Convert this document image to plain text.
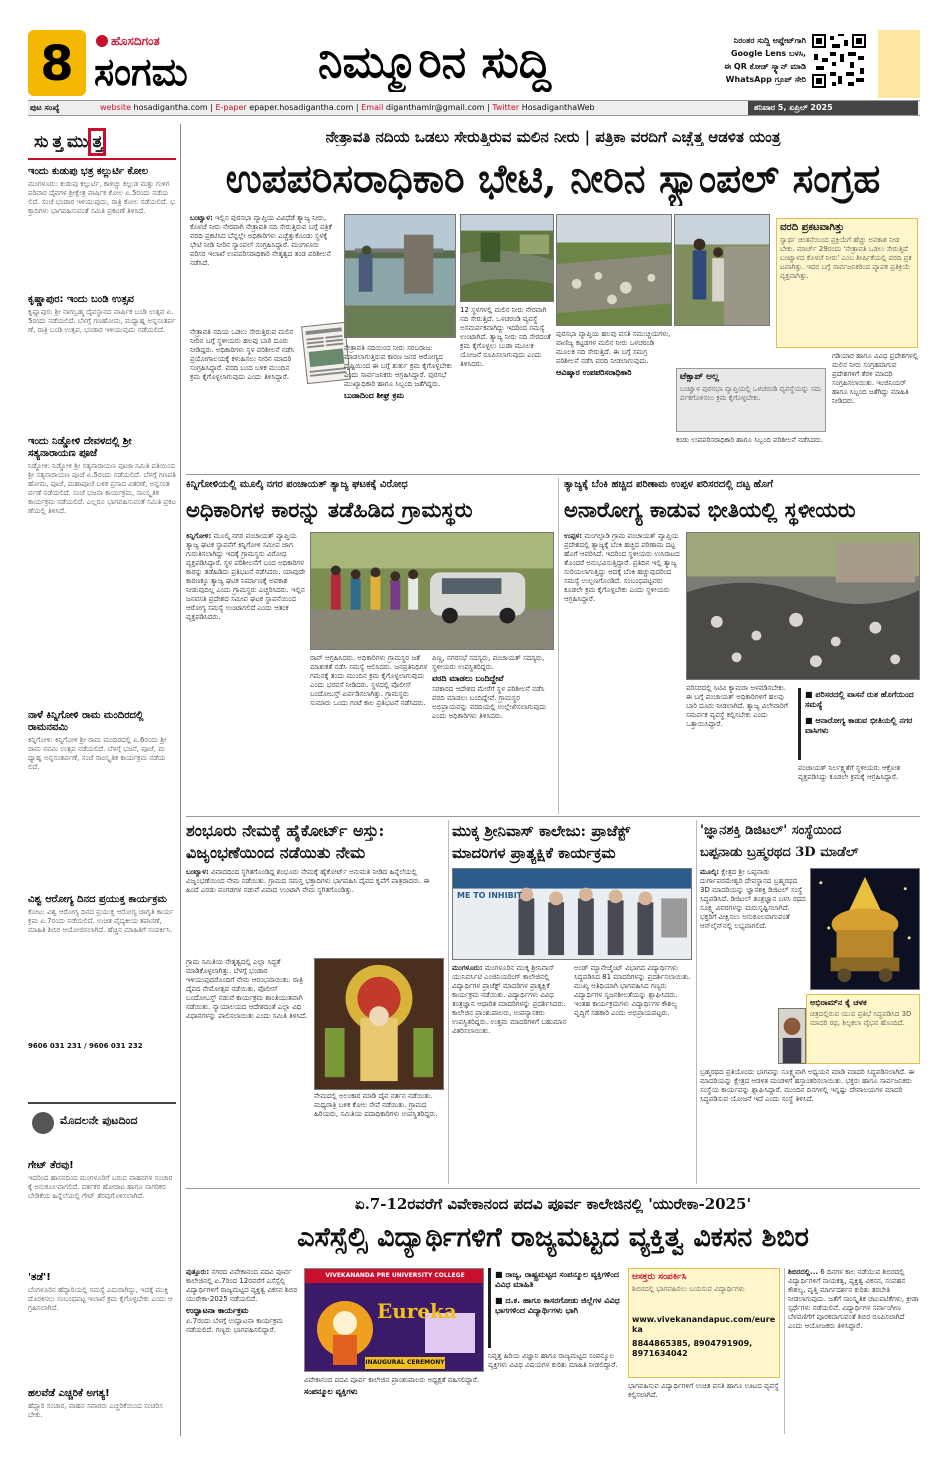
8	ಹೊಸದಿಗಂತ
ಸಂಗಮ	ನಿಮ್ಮೂರಿನ ಸುದ್ದಿ	ನಿರಂತರ ಸುದ್ದಿ ಅಪ್ಡೇಟ್‌ಗಾಗಿ
Google Lens ಬಳಸಿ,
ಈ QR ಕೋಡ್ ಸ್ಕ್ಯಾನ್ ಮಾಡಿ
WhatsApp ಗ್ರೂಪ್ ಸೇರಿ
ಪುಟ ಸಂಖ್ಯೆ	website hosadigantha.com | E-paper epaper.hosadigantha.com | Email diganthamlr@gmail.com | Twitter HosadiganthaWeb	ಶನಿವಾರ 5, ಏಪ್ರಿಲ್ 2025
ಸುತ್ತಮುತ್ತ
ಇಂದು ಕುಡುಪು ಭತ್ರ ಕಲ್ಲುರ್ಟಿ ಕೋಲ
ಮಂಗಳೂರು: ಕುಡುಪು ಕಲ್ಲುರ್ಟಿ, ಕಾಳಿಚ್ಚು ಕಲ್ಲುಡ ಮತ್ತು ಗುಳಿಗ ಪರಿವಾರ ದೈವಗಳ ಶ್ರೀಕ್ಷೇತ್ರ ವಾರ್ಷಿಕ ಕೋಲ ಏ.5ರಂದು ನಡೆಯಲಿದೆ. ಸಂಜೆ ಭಂಡಾರ ಇಳಿಯುವುದು, ರಾತ್ರಿ ಕೋಲ ನಡೆಯಲಿದೆ. ಭಕ್ತಾದಿಗಳು ಭಾಗವಹಿಸುವಂತೆ ಸಮಿತಿ ಪ್ರಕಟಣೆ ತಿಳಿಸಿದೆ.
ಕೃಷ್ಣಾಪುರ: ಇಂದು ಬಂಡಿ ಉತ್ಸವ
ಕೃಷ್ಣಾಪುರ: ಶ್ರೀ ನಾಗಬ್ರಹ್ಮ ದೈವಸ್ಥಾನದ ವಾರ್ಷಿಕ ಬಂಡಿ ಉತ್ಸವ ಏ.5ರಂದು ನಡೆಯಲಿದೆ. ಬೆಳಗ್ಗೆ ಗಣಹೋಮ, ಮಧ್ಯಾಹ್ನ ಅನ್ನಸಂತರ್ಪಣೆ, ರಾತ್ರಿ ಬಂಡಿ ಉತ್ಸವ, ಭಂಡಾರ ಇಳಿಯುವುದು ನಡೆಯಲಿದೆ.
ಇಂದು ನಿಡ್ಡೋಳಿ ದೇವಳದಲ್ಲಿ ಶ್ರೀ ಸತ್ಯನಾರಾಯಣ ಪೂಜೆ
ನಿಡ್ಡೋಳಿ: ನಿಡ್ಡೋಳಿ ಶ್ರೀ ಸತ್ಯನಾರಾಯಣ ಪೂಜಾ ಸಮಿತಿ ವತಿಯಿಂದ ಶ್ರೀ ಸತ್ಯನಾರಾಯಣ ಪೂಜೆ ಏ.5ರಂದು ನಡೆಯಲಿದೆ. ಬೆಳಗ್ಗೆ ಗಣಪತಿ ಹೋಮ, ಪೂಜೆ, ಮಹಾಪೂಜೆ ಬಳಿಕ ಪ್ರಸಾದ ವಿತರಣೆ, ಅನ್ನಸಂತರ್ಪಣೆ ನಡೆಯಲಿದೆ. ಸಂಜೆ ಭಜನಾ ಕಾರ್ಯಕ್ರಮ, ಸಾಂಸ್ಕೃತಿಕ ಕಾರ್ಯಕ್ರಮ ನಡೆಯಲಿದೆ. ಎಲ್ಲರೂ ಭಾಗವಹಿಸುವಂತೆ ಸಮಿತಿ ಪ್ರಕಟಣೆಯಲ್ಲಿ ತಿಳಿಸಿದೆ.
ನಾಳೆ ಕಿನ್ನಿಗೋಳಿ ರಾಮ ಮಂದಿರದಲ್ಲಿ ರಾಮನವಮಿ
ಕಿನ್ನಿಗೋಳಿ: ಕಿನ್ನಿಗೋಳಿ ಶ್ರೀ ರಾಮ ಮಂದಿರದಲ್ಲಿ ಏ.6ರಂದು ಶ್ರೀ ರಾಮ ನವಮಿ ಉತ್ಸವ ನಡೆಯಲಿದೆ. ಬೆಳಗ್ಗೆ ಭಜನೆ, ಪೂಜೆ, ಮಧ್ಯಾಹ್ನ ಅನ್ನಸಂತರ್ಪಣೆ, ಸಂಜೆ ಸಾಂಸ್ಕೃತಿಕ ಕಾರ್ಯಕ್ರಮ ನಡೆಯಲಿದೆ.
ವಿಶ್ವ ಆರೋಗ್ಯ ದಿನದ ಪ್ರಯುಕ್ತ ಕಾರ್ಯಕ್ರಮ
ಕೋಟ: ವಿಶ್ವ ಆರೋಗ್ಯ ದಿನದ ಪ್ರಯುಕ್ತ ಆರೋಗ್ಯ ಜಾಗೃತಿ ಕಾರ್ಯಕ್ರಮ ಏ.7ರಂದು ನಡೆಯಲಿದೆ. ಉಚಿತ ವೈದ್ಯಕೀಯ ತಪಾಸಣೆ, ಮಾಹಿತಿ ಶಿಬಿರ ಆಯೋಜಿಸಲಾಗಿದೆ. ಹೆಚ್ಚಿನ ಮಾಹಿತಿಗೆ ಸಂಪರ್ಕಿಸಿ.
9606 031 231 / 9606 031 232
ಮೊದಲನೇ ಪುಟದಿಂದ
ಗೇಟ್ ತೆರವು!
ಇದರಿಂದ ಹಾಸನದಿಂದ ಮಂಗಳೂರಿಗೆ ಬರುವ ವಾಹನಗಳ ಸಂಚಾರಕ್ಕೆ ಅನುಕೂಲವಾಗಲಿದೆ. ವರ್ತಕರ ಹೋರಾಟ ಹಾಗೂ ನಾಗರಿಕರ ಬೇಡಿಕೆಯ ಹಿನ್ನೆಲೆಯಲ್ಲಿ ಗೇಟ್ ತೆರವುಗೊಳಿಸಲಾಗಿದೆ.
'ತಡೆ'!
ಬೆಂಗಳೂರಿನ ಹೆದ್ದಾರಿಯಲ್ಲಿ ಸಮಸ್ಯೆ ಎದುರಾಗಿದ್ದು, ಇದಕ್ಕೆ ಮುಕ್ತಿ ದೊರಕಿಸಲು ಸಂಬಂಧಪಟ್ಟ ಇಲಾಖೆ ಕ್ರಮ ಕೈಗೊಳ್ಳಬೇಕು ಎಂದು ಆಗ್ರಹಿಸಲಾಗಿದೆ.
ಹಲವೆಡೆ ಎಚ್ಚರಿಕೆ ಅಗತ್ಯ!
ಹೆದ್ದಾರಿ ಸಂಚಾರ, ವಾಹನ ಸವಾರರು ಎಚ್ಚರಿಕೆಯಿಂದ ಸಂಚರಿಸಬೇಕು.
ನೇತ್ರಾವತಿ ನದಿಯ ಒಡಲು ಸೇರುತ್ತಿರುವ ಮಲಿನ ನೀರು | ಪತ್ರಿಕಾ ವರದಿಗೆ ಎಚ್ಚೆತ್ತ ಆಡಳಿತ ಯಂತ್ರ
ಉಪಪರಿಸರಾಧಿಕಾರಿ ಭೇಟಿ, ನೀರಿನ ಸ್ಯಾಂಪಲ್ ಸಂಗ್ರಹ
ಬಂಟ್ವಾಳ: ಇಲ್ಲಿನ ಪುರಸಭಾ ವ್ಯಾಪ್ತಿಯ ವಿವಿಧೆಡೆ ತ್ಯಾಜ್ಯ ನೀರು, ಕೊಳಚೆ ನೀರು ನೇರವಾಗಿ ನೇತ್ರಾವತಿ ನದಿ ಸೇರುತ್ತಿರುವ ಬಗ್ಗೆ ಪತ್ರಿಕೆ ವರದಿ ಪ್ರಕಟಿಸಿದ ಬೆನ್ನಲ್ಲೇ ಅಧಿಕಾರಿಗಳು ಎಚ್ಚೆತ್ತುಕೊಂಡು ಸ್ಥಳಕ್ಕೆ ಭೇಟಿ ನೀಡಿ ನೀರಿನ ಸ್ಯಾಂಪಲ್ ಸಂಗ್ರಹಿಸಿದ್ದಾರೆ. ಮಂಗಳೂರು ಪರಿಸರ ಇಲಾಖೆ ಉಪಪರಿಸರಾಧಿಕಾರಿ ನೇತೃತ್ವದ ತಂಡ ಪರಿಶೀಲನೆ ನಡೆಸಿದೆ.
ನೇತ್ರಾವತಿ ನದಿಯ ಒಡಲು ಸೇರುತ್ತಿರುವ ಮಲಿನ ನೀರಿನ ಬಗ್ಗೆ ಸ್ಥಳೀಯರು ಹಲವು ಬಾರಿ ದೂರು ನೀಡಿದ್ದರು. ಅಧಿಕಾರಿಗಳು ಸ್ಥಳ ಪರಿಶೀಲನೆ ನಡೆಸಿ ಪ್ರಯೋಗಾಲಯಕ್ಕೆ ಕಳುಹಿಸಲು ನೀರಿನ ಮಾದರಿ ಸಂಗ್ರಹಿಸಿದ್ದಾರೆ. ವರದಿ ಬಂದ ಬಳಿಕ ಮುಂದಿನ ಕ್ರಮ ಕೈಗೊಳ್ಳಲಾಗುವುದು ಎಂದು ತಿಳಿಸಿದ್ದಾರೆ.
ವರದಿ ಪ್ರಕಟವಾಗಿತ್ತು
ಸ್ವಾರ್ಥ ಚಿಂತನೆಯಿಂದ ಪ್ರಕ್ರಿಯೆಗೆ ಹೆಚ್ಚು ಅವಕಾಶ ನೀಡಬೇಕು. ಮಾರ್ಚ್ 29ರಂದು 'ನೇತ್ರಾವತಿ ಒಡಲು ಸೇರುತ್ತಿದೆ ಬಂಟ್ವಾಳದ ಕೊಳಚೆ ನೀರು' ಎಂಬ ಶೀರ್ಷಿಕೆಯಲ್ಲಿ ವರದಿ ಪ್ರಕಟವಾಗಿತ್ತು. ಇದರ ಬಗ್ಗೆ ಸಾರ್ವಜನಿಕರಿಂದ ವ್ಯಾಪಕ ಪ್ರತಿಕ್ರಿಯೆ ವ್ಯಕ್ತವಾಗಿತ್ತು.
ನೇತ್ರಾವತಿ ನದಿಯಿಂದ ನೀರು ಸರಬರಾಜು ಮಾಡಲಾಗುತ್ತಿರುವ ಕಾರಣ ಜನರ ಆರೋಗ್ಯದ ದೃಷ್ಟಿಯಿಂದ ಈ ಬಗ್ಗೆ ತುರ್ತು ಕ್ರಮ ಕೈಗೊಳ್ಳಬೇಕು ಎಂದು ಸಾರ್ವಜನಿಕರು ಆಗ್ರಹಿಸಿದ್ದಾರೆ. ಪುರಸಭೆ ಮುಖ್ಯಾಧಿಕಾರಿ ಹಾಗೂ ಸಿಬ್ಬಂದಿ ಜತೆಗಿದ್ದರು.
ಬುಡಾದಿಂದ ಶೀಘ್ರ ಕ್ರಮ
12 ಸ್ಥಳಗಳಲ್ಲಿ ಮಲಿನ ನೀರು ನೇರವಾಗಿ ನದಿ ಸೇರುತ್ತಿದೆ. ಒಳಚರಂಡಿ ವ್ಯವಸ್ಥೆ ಅಸಮರ್ಪಕವಾಗಿದ್ದು ಇದರಿಂದ ಸಮಸ್ಯೆ ಉಂಟಾಗಿದೆ. ತ್ಯಾಜ್ಯ ನೀರು ನದಿ ಸೇರದಂತೆ ಕ್ರಮ ಕೈಗೊಳ್ಳಲು ಬುಡಾ ಮೂಲಕ ಯೋಜನೆ ರೂಪಿಸಲಾಗುವುದು ಎಂದು ತಿಳಿಸಿದರು.
ಪುರಸಭಾ ವ್ಯಾಪ್ತಿಯ ಹಲವು ವಸತಿ ಸಮುಚ್ಚಯಗಳು, ವಾಣಿಜ್ಯ ಕಟ್ಟಡಗಳ ಮಲಿನ ನೀರು ಒಳಚರಂಡಿ ಮೂಲಕ ನದಿ ಸೇರುತ್ತಿದೆ. ಈ ಬಗ್ಗೆ ಸಮಗ್ರ ಪರಿಶೀಲನೆ ನಡೆಸಿ ವರದಿ ನೀಡಲಾಗುವುದು.
ಆವಿಷ್ಕಾರ ಉಪಪರಿಸರಾಧಿಕಾರಿ	ಟೆಕ್ಸಾಪ್ ಅಲ್ಲ
ಬಂಟ್ವಾಳ ಪುರಸಭಾ ವ್ಯಾಪ್ತಿಯಲ್ಲಿ ಒಳಚರಂಡಿ ವ್ಯವಸ್ಥೆಯನ್ನು ಸಮರ್ಪಕಗೊಳಿಸಲು ಕ್ರಮ ಕೈಗೊಳ್ಳಬೇಕು.
ಕಂಡು ಉಪಪರಿಸರಾಧಿಕಾರಿ ಹಾಗೂ ಸಿಬ್ಬಂದಿ ಪರಿಶೀಲನೆ ನಡೆಸಿದರು.
ಗಡಿಯಾರ ಹಾಗೂ ವಿವಿಧ ಪ್ರದೇಶಗಳಲ್ಲಿ ಮಲಿನ ನೀರು ಸಂಗ್ರಹವಾಗುವ ಪ್ರದೇಶಗಳಿಗೆ ತೆರಳಿ ಮಾದರಿ ಸಂಗ್ರಹಿಸಲಾಯಿತು. ಇಂಜಿನಿಯರ್ ಹಾಗೂ ಸಿಬ್ಬಂದಿ ಜತೆಗಿದ್ದು ಮಾಹಿತಿ ನೀಡಿದರು.
ಕಿನ್ನಿಗೋಳಿಯಲ್ಲಿ ಮೂಲ್ಕಿ ನಗರ ಪಂಚಾಯತ್ ತ್ಯಾಜ್ಯ ಘಟಕಕ್ಕೆ ವಿರೋಧ
ಅಧಿಕಾರಿಗಳ ಕಾರನ್ನು ತಡೆಹಿಡಿದ ಗ್ರಾಮಸ್ಥರು
ಕಿನ್ನಿಗೋಳಿ: ಮೂಲ್ಕಿ ನಗರ ಪಂಚಾಯತ್ ವ್ಯಾಪ್ತಿಯ ತ್ಯಾಜ್ಯ ಘಟಕ ಸ್ಥಾಪನೆಗೆ ಕಿನ್ನಿಗೋಳಿ ಸಮೀಪ ಜಾಗ ಗುರುತಿಸಲಾಗಿದ್ದು ಇದಕ್ಕೆ ಗ್ರಾಮಸ್ಥರು ವಿರೋಧ ವ್ಯಕ್ತಪಡಿಸಿದ್ದಾರೆ. ಸ್ಥಳ ಪರಿಶೀಲನೆಗೆ ಬಂದ ಅಧಿಕಾರಿಗಳ ಕಾರನ್ನು ತಡೆಹಿಡಿದು ಪ್ರತಿಭಟನೆ ನಡೆಸಿದರು. ಯಾವುದೇ ಕಾರಣಕ್ಕೂ ತ್ಯಾಜ್ಯ ಘಟಕ ನಿರ್ಮಾಣಕ್ಕೆ ಅವಕಾಶ ನೀಡುವುದಿಲ್ಲ ಎಂದು ಗ್ರಾಮಸ್ಥರು ಎಚ್ಚರಿಸಿದರು. ಇಲ್ಲಿನ ಜನವಸತಿ ಪ್ರದೇಶದ ಸಮೀಪ ಘಟಕ ಸ್ಥಾಪನೆಯಿಂದ ಆರೋಗ್ಯ ಸಮಸ್ಯೆ ಉಂಟಾಗಲಿದೆ ಎಂದು ಆತಂಕ ವ್ಯಕ್ತಪಡಿಸಿದರು.
ರಾವ್ ಆಗ್ರಹಿಸಿದರು. ಅಧಿಕಾರಿಗಳು ಗ್ರಾಮಸ್ಥರ ಜತೆ ಮಾತುಕತೆ ನಡೆಸಿ ಸಮಸ್ಯೆ ಆಲಿಸಿದರು. ಜನಪ್ರತಿನಿಧಿಗಳ ಗಮನಕ್ಕೆ ತಂದು ಮುಂದಿನ ಕ್ರಮ ಕೈಗೊಳ್ಳಲಾಗುವುದು ಎಂದು ಭರವಸೆ ನೀಡಿದರು. ಸ್ಥಳದಲ್ಲಿ ಪೊಲೀಸ್ ಬಂದೋಬಸ್ತ್ ಏರ್ಪಡಿಸಲಾಗಿತ್ತು. ಗ್ರಾಮಸ್ಥರು ಸುಮಾರು ಒಂದು ಗಂಟೆ ಕಾಲ ಪ್ರತಿಭಟನೆ ನಡೆಸಿದರು.
ಪಿಣ್ಣ, ನಗರಸಭೆ ಸದಸ್ಯರು, ಪಂಚಾಯತ್ ಸದಸ್ಯರು, ಸ್ಥಳೀಯರು ಉಪಸ್ಥಿತರಿದ್ದರು.
ವರದಿ ಮಾಡಲು ಬಂದಿದ್ದೇವೆ
ಸರಕಾರದ ಆದೇಶದ ಮೇರೆಗೆ ಸ್ಥಳ ಪರಿಶೀಲನೆ ನಡೆಸಿ ವರದಿ ಮಾಡಲು ಬಂದಿದ್ದೇವೆ. ಗ್ರಾಮಸ್ಥರ ಅಭಿಪ್ರಾಯವನ್ನು ವರದಿಯಲ್ಲಿ ಉಲ್ಲೇಖಿಸಲಾಗುವುದು ಎಂದು ಅಧಿಕಾರಿಗಳು ತಿಳಿಸಿದರು.
ತ್ಯಾಜ್ಯಕ್ಕೆ ಬೆಂಕಿ ಹಚ್ಚಿದ ಪರಿಣಾಮ ಉಪ್ಪಳ ಪರಿಸರದಲ್ಲಿ ದಟ್ಟ ಹೊಗೆ
ಅನಾರೋಗ್ಯ ಕಾಡುವ ಭೀತಿಯಲ್ಲಿ ಸ್ಥಳೀಯರು
ಉಪ್ಪಳ: ಮಂಗಲ್ಪಾಡಿ ಗ್ರಾಮ ಪಂಚಾಯತ್ ವ್ಯಾಪ್ತಿಯ ಪ್ರದೇಶದಲ್ಲಿ ತ್ಯಾಜ್ಯಕ್ಕೆ ಬೆಂಕಿ ಹಚ್ಚಿದ ಪರಿಣಾಮ ದಟ್ಟ ಹೊಗೆ ಆವರಿಸಿದೆ. ಇದರಿಂದ ಸ್ಥಳೀಯರು ಉಸಿರಾಟದ ತೊಂದರೆ ಅನುಭವಿಸುತ್ತಿದ್ದಾರೆ. ಪ್ರತಿದಿನ ಇಲ್ಲಿ ತ್ಯಾಜ್ಯ ಸುರಿಯಲಾಗುತ್ತಿದ್ದು ಅದಕ್ಕೆ ಬೆಂಕಿ ಹಚ್ಚುವುದರಿಂದ ಸಮಸ್ಯೆ ಉಲ್ಬಣಗೊಂಡಿದೆ. ಸಂಬಂಧಪಟ್ಟವರು ಕೂಡಲೇ ಕ್ರಮ ಕೈಗೊಳ್ಳಬೇಕು ಎಂದು ಸ್ಥಳೀಯರು ಆಗ್ರಹಿಸಿದ್ದಾರೆ.
ಪರಿಸರದಲ್ಲಿ ಸಿಟಿವಿ ಕ್ಯಾಮರಾ ಅಳವಡಿಸಬೇಕು. ಈ ಬಗ್ಗೆ ಪಂಚಾಯತ್ ಅಧಿಕಾರಿಗಳಿಗೆ ಹಲವು ಬಾರಿ ದೂರು ನೀಡಲಾಗಿದೆ. ತ್ಯಾಜ್ಯ ವಿಲೇವಾರಿಗೆ ಸಮರ್ಪಕ ವ್ಯವಸ್ಥೆ ಕಲ್ಪಿಸಬೇಕು ಎಂದು ಒತ್ತಾಯಿಸಿದ್ದಾರೆ.
■ ಪರಿಸರದಲ್ಲಿ ವಾಸನೆ ರುತ ಹೊಗೆಯಿಂದ ಸಮಸ್ಯೆ
■ ಆನಾರೋಗ್ಯ ಕಾಡುವ ಭೀತಿಯಲ್ಲಿ ನಗರ ವಾಸಿಗಳು
ಪಂಚಾಯತ್ ನಿರ್ಲಕ್ಷ್ಯತೆಗೆ ಸ್ಥಳೀಯರು ಆಕ್ರೋಶ ವ್ಯಕ್ತಪಡಿಸಿದ್ದು ಕೂಡಲೇ ಕ್ರಮಕ್ಕೆ ಆಗ್ರಹಿಸಿದ್ದಾರೆ.
ಶಂಭೂರು ನೇಮಕ್ಕೆ ಹೈಕೋರ್ಟ್ ಅಸ್ತು:
ವಿಜೃಂಭಣೆಯಿಂದ ನಡೆಯಿತು ನೇಮ
ಬಂಟ್ವಾಳ: ವಿವಾದದಿಂದ ಸ್ಥಗಿತಗೊಂಡಿದ್ದ ಶಂಭೂರು ನೇಮಕ್ಕೆ ಹೈಕೋರ್ಟ್ ಅನುಮತಿ ನೀಡಿದ ಹಿನ್ನೆಲೆಯಲ್ಲಿ ವಿಜೃಂಭಣೆಯಿಂದ ನೇಮ ನಡೆಯಿತು. ಗ್ರಾಮದ ಸಮಸ್ತ ಭಕ್ತಾದಿಗಳು ಭಾಗವಹಿಸಿ ದೈವದ ಕೃಪೆಗೆ ಪಾತ್ರರಾದರು. ಈ ಹಿಂದೆ ಎರಡು ಪಂಗಡಗಳ ನಡುವೆ ವಿವಾದ ಉಂಟಾಗಿ ನೇಮ ಸ್ಥಗಿತಗೊಂಡಿತ್ತು.
ಗ್ರಾಮ ಸಮಿತಿಯ ನೇತೃತ್ವದಲ್ಲಿ ಎಲ್ಲಾ ಸಿದ್ಧತೆ ಮಾಡಿಕೊಳ್ಳಲಾಗಿತ್ತು. ಬೆಳಗ್ಗೆ ಭಂಡಾರ ಇಳಿಯುವುದರೊಂದಿಗೆ ನೇಮ ಆರಂಭವಾಯಿತು. ರಾತ್ರಿ ದೈವದ ನೇಮೋತ್ಸವ ನಡೆಯಿತು. ಪೊಲೀಸ್ ಬಂದೋಬಸ್ತ್ ನಡುವೆ ಕಾರ್ಯಕ್ರಮ ಶಾಂತಿಯುತವಾಗಿ ನಡೆಯಿತು. ನ್ಯಾಯಾಲಯದ ಆದೇಶದಂತೆ ಎಲ್ಲಾ ವಿಧಿ ವಿಧಾನಗಳನ್ನು ಪಾಲಿಸಲಾಯಿತು ಎಂದು ಸಮಿತಿ ತಿಳಿಸಿದೆ.
ನೇಮದಲ್ಲಿ ಅಲಂಕಾರ ಮಾಡಿ ದೈವ ನರ್ತನ ನಡೆಯಿತು. ಮಧ್ಯರಾತ್ರಿ ಬಳಿಕ ಕೋಲ ಸೇವೆ ನಡೆಯಿತು. ಗ್ರಾಮದ ಹಿರಿಯರು, ಸಮಿತಿಯ ಪದಾಧಿಕಾರಿಗಳು ಉಪಸ್ಥಿತರಿದ್ದರು.
ಮುಕ್ಕ ಶ್ರೀನಿವಾಸ್ ಕಾಲೇಜು: ಪ್ರಾಜೆಕ್ಟ್
ಮಾದರಿಗಳ ಪ್ರಾತ್ಯಕ್ಷಿಕೆ ಕಾರ್ಯಕ್ರಮ
ME TO INHIBIT
ಮಂಗಳೂರು: ಮಂಗಳೂರಿನ ಮುಕ್ಕ ಶ್ರೀನಿವಾಸ್ ಯುನಿವರ್ಸಿಟಿ ಎಂಜಿನಿಯರಿಂಗ್ ಕಾಲೇಜಿನಲ್ಲಿ ವಿದ್ಯಾರ್ಥಿಗಳ ಪ್ರಾಜೆಕ್ಟ್ ಮಾದರಿಗಳ ಪ್ರಾತ್ಯಕ್ಷಿಕೆ ಕಾರ್ಯಕ್ರಮ ನಡೆಯಿತು. ವಿದ್ಯಾರ್ಥಿಗಳು ವಿವಿಧ ತಂತ್ರಜ್ಞಾನ ಆಧಾರಿತ ಮಾದರಿಗಳನ್ನು ಪ್ರದರ್ಶಿಸಿದರು. ಕಾಲೇಜಿನ ಪ್ರಾಂಶುಪಾಲರು, ಉಪನ್ಯಾಸಕರು ಉಪಸ್ಥಿತರಿದ್ದರು. ಉತ್ತಮ ಮಾದರಿಗಳಿಗೆ ಬಹುಮಾನ ವಿತರಿಸಲಾಯಿತು.
ಅಂಡ್ ಮ್ಯಾನೇಜ್ಮೆಂಟ್ ವಿಭಾಗದ ವಿದ್ಯಾರ್ಥಿಗಳು ಸಿದ್ಧಪಡಿಸಿದ 81 ಮಾದರಿಗಳನ್ನು ಪ್ರದರ್ಶಿಸಲಾಯಿತು. ಮುಖ್ಯ ಅತಿಥಿಯಾಗಿ ಭಾಗವಹಿಸಿದ ಗಣ್ಯರು ವಿದ್ಯಾರ್ಥಿಗಳ ಸೃಜನಶೀಲತೆಯನ್ನು ಶ್ಲಾಘಿಸಿದರು. ಇಂತಹ ಕಾರ್ಯಕ್ರಮಗಳು ವಿದ್ಯಾರ್ಥಿಗಳ ಕೌಶಲ್ಯ ವೃದ್ಧಿಗೆ ಸಹಕಾರಿ ಎಂದು ಅಭಿಪ್ರಾಯಪಟ್ಟರು.
'ಜ್ಞಾನಶಕ್ತಿ ಡಿಜಿಟಲ್' ಸಂಸ್ಥೆಯಿಂದ
ಬಪ್ಪನಾಡು ಬ್ರಹ್ಮರಥದ 3D ಮಾಡೆಲ್
ಮೂಲ್ಕಿ: ಕ್ಷೇತ್ರದ ಶ್ರೀ ಬಪ್ಪನಾಡು ದುರ್ಗಾಪರಮೇಶ್ವರಿ ದೇವಸ್ಥಾನದ ಬ್ರಹ್ಮರಥದ 3D ಮಾದರಿಯನ್ನು ಜ್ಞಾನಶಕ್ತಿ ಡಿಜಿಟಲ್ ಸಂಸ್ಥೆ ಸಿದ್ಧಪಡಿಸಿದೆ. ಡಿಜಿಟಲ್ ತಂತ್ರಜ್ಞಾನ ಬಳಸಿ ರಥದ ಸೂಕ್ಷ್ಮ ವಿವರಗಳನ್ನು ಮರುಸೃಷ್ಟಿಸಲಾಗಿದೆ. ಭಕ್ತರಿಗೆ ವೀಕ್ಷಿಸಲು ಅನುಕೂಲವಾಗುವಂತೆ ಆನ್‌ಲೈನ್‌ನಲ್ಲಿ ಲಭ್ಯವಾಗಲಿದೆ.
ಅಭಿರಾಮ್‌ನ ಕೈ ಚಳಕ
ಚಿತ್ರದಲ್ಲಿರುವ ಯುವ ಪ್ರತಿಭೆ ಸಿದ್ಧಪಡಿಸಿದ 3D ಮಾದರಿ ರಥ, ಶಿಲ್ಪಕಲಾ ವೈಭವ ಹೊಂದಿದೆ.
ಬ್ರಹ್ಮರಥದ ಪ್ರತಿಯೊಂದು ಭಾಗವನ್ನು ಸೂಕ್ಷ್ಮವಾಗಿ ಅಧ್ಯಯನ ಮಾಡಿ ಮಾದರಿ ಸಿದ್ಧಪಡಿಸಲಾಗಿದೆ. ಈ ಮಾದರಿಯನ್ನು ಕ್ಷೇತ್ರದ ಆಡಳಿತ ಮಂಡಳಿಗೆ ಹಸ್ತಾಂತರಿಸಲಾಯಿತು. ಭಕ್ತರು ಹಾಗೂ ಸಾರ್ವಜನಿಕರು ಸಂಸ್ಥೆಯ ಕಾರ್ಯವನ್ನು ಶ್ಲಾಘಿಸಿದ್ದಾರೆ. ಮುಂದಿನ ದಿನಗಳಲ್ಲಿ ಇನ್ನಷ್ಟು ದೇವಾಲಯಗಳ ಮಾದರಿ ಸಿದ್ಧಪಡಿಸುವ ಯೋಜನೆ ಇದೆ ಎಂದು ಸಂಸ್ಥೆ ತಿಳಿಸಿದೆ.
ಏ.7-12ರವರೆಗೆ ವಿವೇಕಾನಂದ ಪದವಿ ಪೂರ್ವ ಕಾಲೇಜಿನಲ್ಲಿ 'ಯುರೇಕಾ-2025'
ಎಸೆಸ್ಸೆಲ್ಸಿ ವಿದ್ಯಾರ್ಥಿಗಳಿಗೆ ರಾಜ್ಯಮಟ್ಟದ ವ್ಯಕ್ತಿತ್ವ ವಿಕಸನ ಶಿಬಿರ
ಪುತ್ತೂರು: ನಗರದ ವಿವೇಕಾನಂದ ಪದವಿ ಪೂರ್ವ ಕಾಲೇಜಿನಲ್ಲಿ ಏ.7ರಿಂದ 12ರವರೆಗೆ ಎಸೆಸ್ಸೆಲ್ಸಿ ವಿದ್ಯಾರ್ಥಿಗಳಿಗೆ ರಾಜ್ಯಮಟ್ಟದ ವ್ಯಕ್ತಿತ್ವ ವಿಕಸನ ಶಿಬಿರ ಯುರೇಕಾ-2025 ನಡೆಯಲಿದೆ.
ಉದ್ಘಾಟನಾ ಕಾರ್ಯಕ್ರಮ
ಏ.7ರಂದು ಬೆಳಗ್ಗೆ ಉದ್ಘಾಟನಾ ಕಾರ್ಯಕ್ರಮ ನಡೆಯಲಿದೆ. ಗಣ್ಯರು ಭಾಗವಹಿಸಲಿದ್ದಾರೆ.
VIVEKANANDA PRE UNIVERSITY COLLEGE
Eureka
INAUGURAL CEREMONY
ವಿವೇಕಾನಂದ ಪದವಿ ಪೂರ್ವ ಕಾಲೇಜಿನ ಪ್ರಾಂಶುಪಾಲರು ಅಧ್ಯಕ್ಷತೆ ವಹಿಸಲಿದ್ದಾರೆ.
ಸಂಪನ್ಮೂಲ ವ್ಯಕ್ತಿಗಳು
■ ರಾಜ್ಯ, ರಾಷ್ಟ್ರಮಟ್ಟದ ಸಂಪನ್ಮೂಲ ವ್ಯಕ್ತಿಗಳಿಂದ ವಿವಿಧ ಮಾಹಿತಿ
■ ದ.ಕ. ಹಾಗೂ ಕಾಸರಗೋಡು ಜಿಲ್ಲೆಗಳ ವಿವಿಧ ಭಾಗಗಳಿಂದ ವಿದ್ಯಾರ್ಥಿಗಳು ಭಾಗಿ
ನಿವೃತ್ತ ಹಿರಿಯ ವಿಜ್ಞಾನಿ ಹಾಗೂ ರಾಜ್ಯಮಟ್ಟದ ಸಂಪನ್ಮೂಲ ವ್ಯಕ್ತಿಗಳು ವಿವಿಧ ವಿಷಯಗಳ ಕುರಿತು ಮಾಹಿತಿ ನೀಡಲಿದ್ದಾರೆ.
ಆಸಕ್ತರು ಸಂಪರ್ಕಿಸಿ
ಶಿಬಿರದಲ್ಲಿ ಭಾಗವಹಿಸಲು ಬಯಸುವ ವಿದ್ಯಾರ್ಥಿಗಳು
www.vivekanandapuc.com/eureka
8844865385, 8904791909, 8971634042
ಭಾಗವಹಿಸುವ ವಿದ್ಯಾರ್ಥಿಗಳಿಗೆ ಉಚಿತ ವಸತಿ ಹಾಗೂ ಊಟದ ವ್ಯವಸ್ಥೆ ಕಲ್ಪಿಸಲಾಗಿದೆ.
ಶಿಬಿರದಲ್ಲಿ... 6 ದಿನಗಳ ಕಾಲ ನಡೆಯುವ ಶಿಬಿರದಲ್ಲಿ ವಿದ್ಯಾರ್ಥಿಗಳಿಗೆ ನಾಯಕತ್ವ, ವ್ಯಕ್ತಿತ್ವ ವಿಕಸನ, ಸಂವಹನ ಕೌಶಲ್ಯ, ವೃತ್ತಿ ಮಾರ್ಗದರ್ಶನ ಕುರಿತು ತರಬೇತಿ ನೀಡಲಾಗುವುದು. ಜತೆಗೆ ಸಾಂಸ್ಕೃತಿಕ ಚಟುವಟಿಕೆಗಳು, ಕ್ರೀಡಾ ಸ್ಪರ್ಧೆಗಳು ನಡೆಯಲಿವೆ. ವಿದ್ಯಾರ್ಥಿಗಳ ಸರ್ವಾಂಗೀಣ ಬೆಳವಣಿಗೆಗೆ ಪೂರಕವಾಗುವಂತೆ ಶಿಬಿರ ರೂಪಿಸಲಾಗಿದೆ ಎಂದು ಆಯೋಜಕರು ತಿಳಿಸಿದ್ದಾರೆ.
